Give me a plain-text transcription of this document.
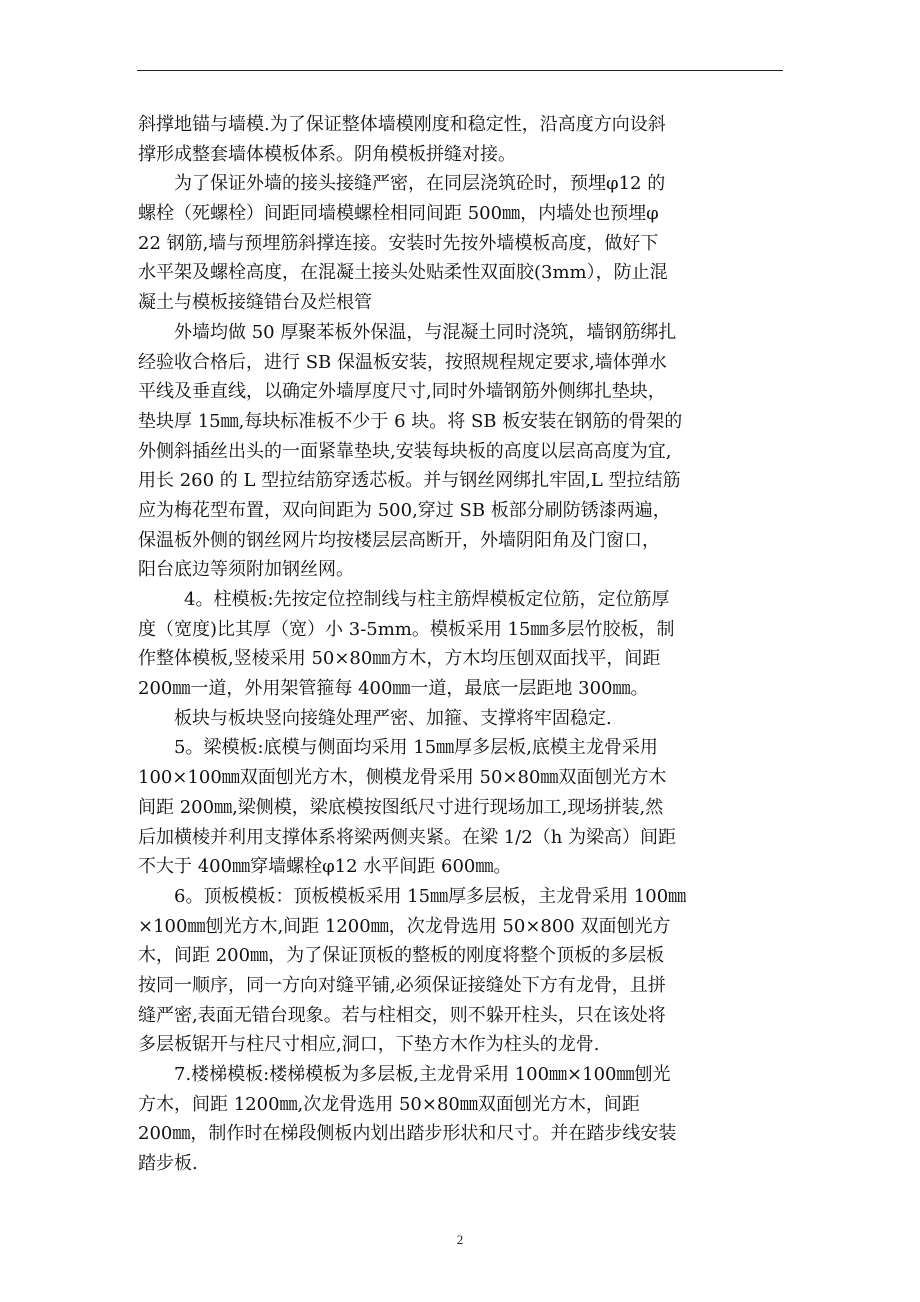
斜撑地锚与墙模.为了保证整体墙模刚度和稳定性，沿高度方向设斜
撑形成整套墙体模板体系。阴角模板拼缝对接。
为了保证外墙的接头接缝严密，在同层浇筑砼时，预埋φ12 的
螺栓（死螺栓）间距同墙模螺栓相同间距 500㎜，内墙处也预埋φ
22 钢筋,墙与预埋筋斜撑连接。安装时先按外墙模板高度，做好下
水平架及螺栓高度，在混凝土接头处贴柔性双面胶(3mm），防止混
凝土与模板接缝错台及烂根管
外墙均做 50 厚聚苯板外保温，与混凝土同时浇筑，墙钢筋绑扎
经验收合格后，进行 SB 保温板安装，按照规程规定要求,墙体弹水
平线及垂直线，以确定外墙厚度尺寸,同时外墙钢筋外侧绑扎垫块，
垫块厚 15㎜,每块标准板不少于 6 块。将 SB 板安装在钢筋的骨架的
外侧斜插丝出头的一面紧靠垫块,安装每块板的高度以层高高度为宜,
用长 260 的 L 型拉结筋穿透芯板。并与钢丝网绑扎牢固,L 型拉结筋
应为梅花型布置，双向间距为 500,穿过 SB 板部分刷防锈漆两遍，
保温板外侧的钢丝网片均按楼层层高断开，外墙阴阳角及门窗口，
阳台底边等须附加钢丝网。
4。柱模板:先按定位控制线与柱主筋焊模板定位筋，定位筋厚
度（宽度)比其厚（宽）小 3-5mm。模板采用 15㎜多层竹胶板，制
作整体模板,竖棱采用 50×80㎜方木，方木均压刨双面找平，间距
200㎜一道，外用架管箍每 400㎜一道，最底一层距地 300㎜。
板块与板块竖向接缝处理严密、加箍、支撑将牢固稳定.
5。梁模板:底模与侧面均采用 15㎜厚多层板,底模主龙骨采用
100×100㎜双面刨光方木，侧模龙骨采用 50×80㎜双面刨光方木
间距 200㎜,梁侧模，梁底模按图纸尺寸进行现场加工,现场拼装,然
后加横棱并利用支撑体系将梁两侧夹紧。在梁 1/2（h 为梁高）间距
不大于 400㎜穿墙螺栓φ12 水平间距 600㎜。
6。顶板模板：顶板模板采用 15㎜厚多层板，主龙骨采用 100㎜
×100㎜刨光方木,间距 1200㎜，次龙骨选用 50×800 双面刨光方
木，间距 200㎜，为了保证顶板的整板的刚度将整个顶板的多层板
按同一顺序，同一方向对缝平铺,必须保证接缝处下方有龙骨，且拼
缝严密,表面无错台现象。若与柱相交，则不躲开柱头，只在该处将
多层板锯开与柱尺寸相应,洞口，下垫方木作为柱头的龙骨.
7.楼梯模板:楼梯模板为多层板,主龙骨采用 100㎜×100㎜刨光
方木，间距 1200㎜,次龙骨选用 50×80㎜双面刨光方木，间距
200㎜，制作时在梯段侧板内划出踏步形状和尺寸。并在踏步线安装
踏步板.
2
